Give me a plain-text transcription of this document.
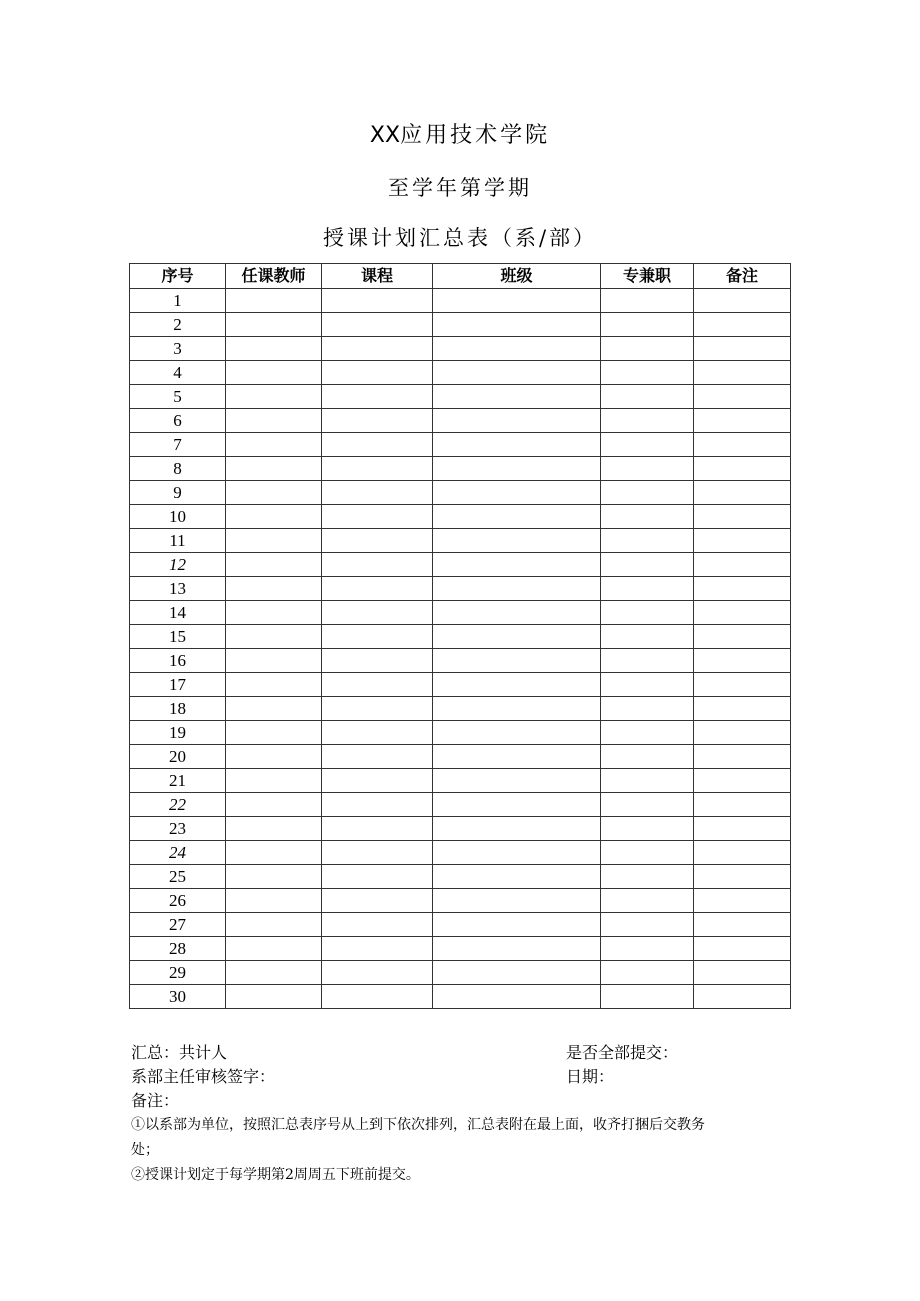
XX应用技术学院
至学年第学期
授课计划汇总表（系/部）
序号	任课教师	课程	班级	专兼职	备注
1					
2					
3					
4					
5					
6					
7					
8					
9					
10					
11					
12					
13					
14					
15					
16					
17					
18					
19					
20					
21					
22					
23					
24					
25					
26					
27					
28					
29					
30					
汇总：共计人	是否全部提交：
系部主任审核签字：	日期：
备注：
①以系部为单位，按照汇总表序号从上到下依次排列，汇总表附在最上面，收齐打捆后交教务
处；
②授课计划定于每学期第2周周五下班前提交。
